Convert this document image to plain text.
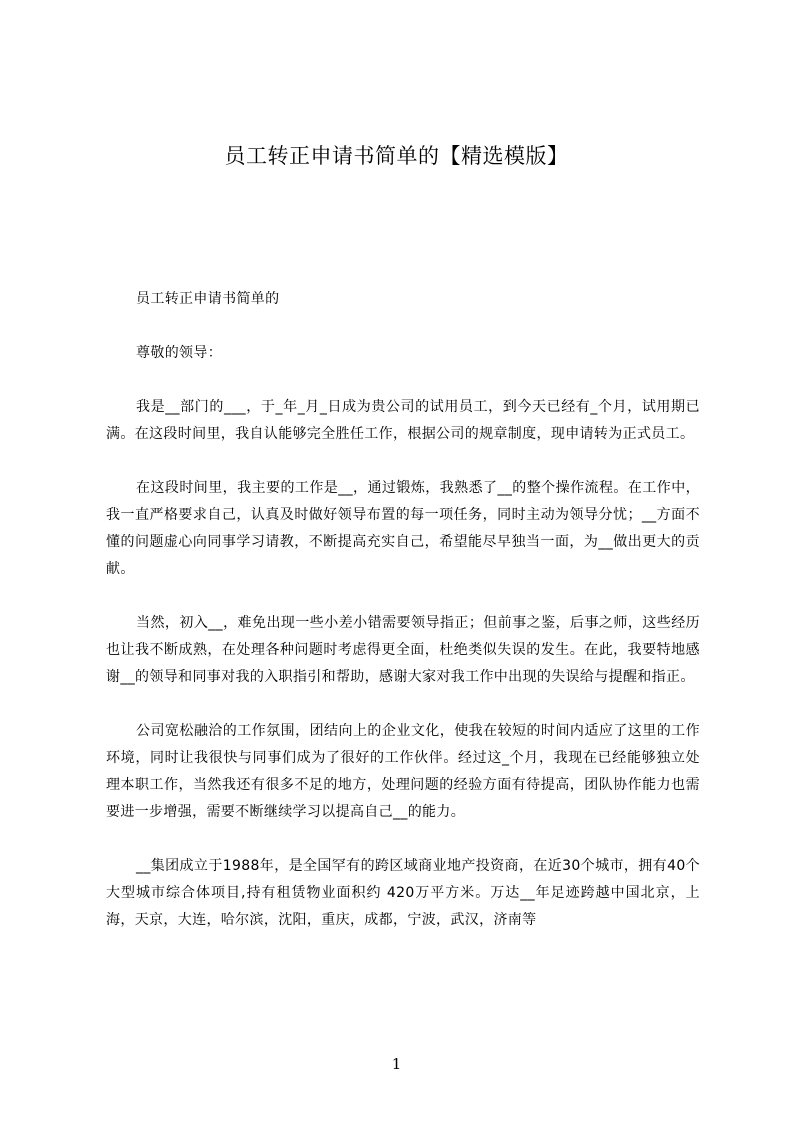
员工转正申请书简单的【精选模版】

员工转正申请书简单的

尊敬的领导：

我是__部门的___，于_年_月_日成为贵公司的试用员工，到今天已经有_个月，试用期已满。在这段时间里，我自认能够完全胜任工作，根据公司的规章制度，现申请转为正式员工。

在这段时间里，我主要的工作是__，通过锻炼，我熟悉了__的整个操作流程。在工作中，我一直严格要求自己，认真及时做好领导布置的每一项任务，同时主动为领导分忧；__方面不懂的问题虚心向同事学习请教，不断提高充实自己，希望能尽早独当一面，为__做出更大的贡献。

当然，初入__，难免出现一些小差小错需要领导指正；但前事之鉴，后事之师，这些经历也让我不断成熟，在处理各种问题时考虑得更全面，杜绝类似失误的发生。在此，我要特地感谢__的领导和同事对我的入职指引和帮助，感谢大家对我工作中出现的失误给与提醒和指正。

公司宽松融洽的工作氛围，团结向上的企业文化，使我在较短的时间内适应了这里的工作环境，同时让我很快与同事们成为了很好的工作伙伴。经过这_个月，我现在已经能够独立处理本职工作，当然我还有很多不足的地方，处理问题的经验方面有待提高，团队协作能力也需要进一步增强，需要不断继续学习以提高自己__的能力。

__集团成立于1988年，是全国罕有的跨区域商业地产投资商，在近30个城市，拥有40个大型城市综合体项目,持有租赁物业面积约 420万平方米。万达__年足迹跨越中国北京，上海，天京，大连，哈尔滨，沈阳，重庆，成都，宁波，武汉，济南等

1
